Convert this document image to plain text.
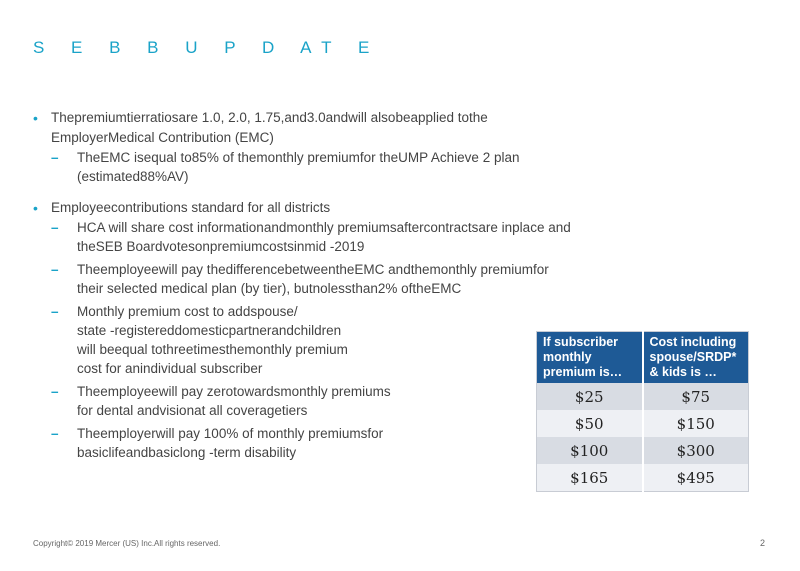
S E B B U P D AT E
• Thepremiumtierratiosare 1.0, 2.0, 1.75,and3.0andwill alsobeapplied tothe
EmployerMedical Contribution (EMC)
– TheEMC isequal to85% of themonthly premiumfor theUMP Achieve 2 plan
(estimated88%AV)
• Employeecontributions standard for all districts
– HCA will share cost informationandmonthly premiumsaftercontractsare inplace and
theSEB Boardvotesonpremiumcostsinmid -2019
– Theemployeewill pay thedifferencebetweentheEMC andthemonthly premiumfor
their selected medical plan (by tier), butnolessthan2% oftheEMC
– Monthly premium cost to addspouse/
state -registereddomesticpartnerandchildren
will beequal tothreetimesthemonthly premium
cost for anindividual subscriber
– Theemployeewill pay zerotowardsmonthly premiums
for dental andvisionat all coveragetiers
– Theemployerwill pay 100% of monthly premiumsfor
basiclifeandbasiclong -term disability
If subscriber monthly premium is…	Cost including spouse/SRDP* & kids is …
$25	$75
$50	$150
$100	$300
$165	$495
Copyright© 2019 Mercer (US) Inc.All rights reserved.	2
